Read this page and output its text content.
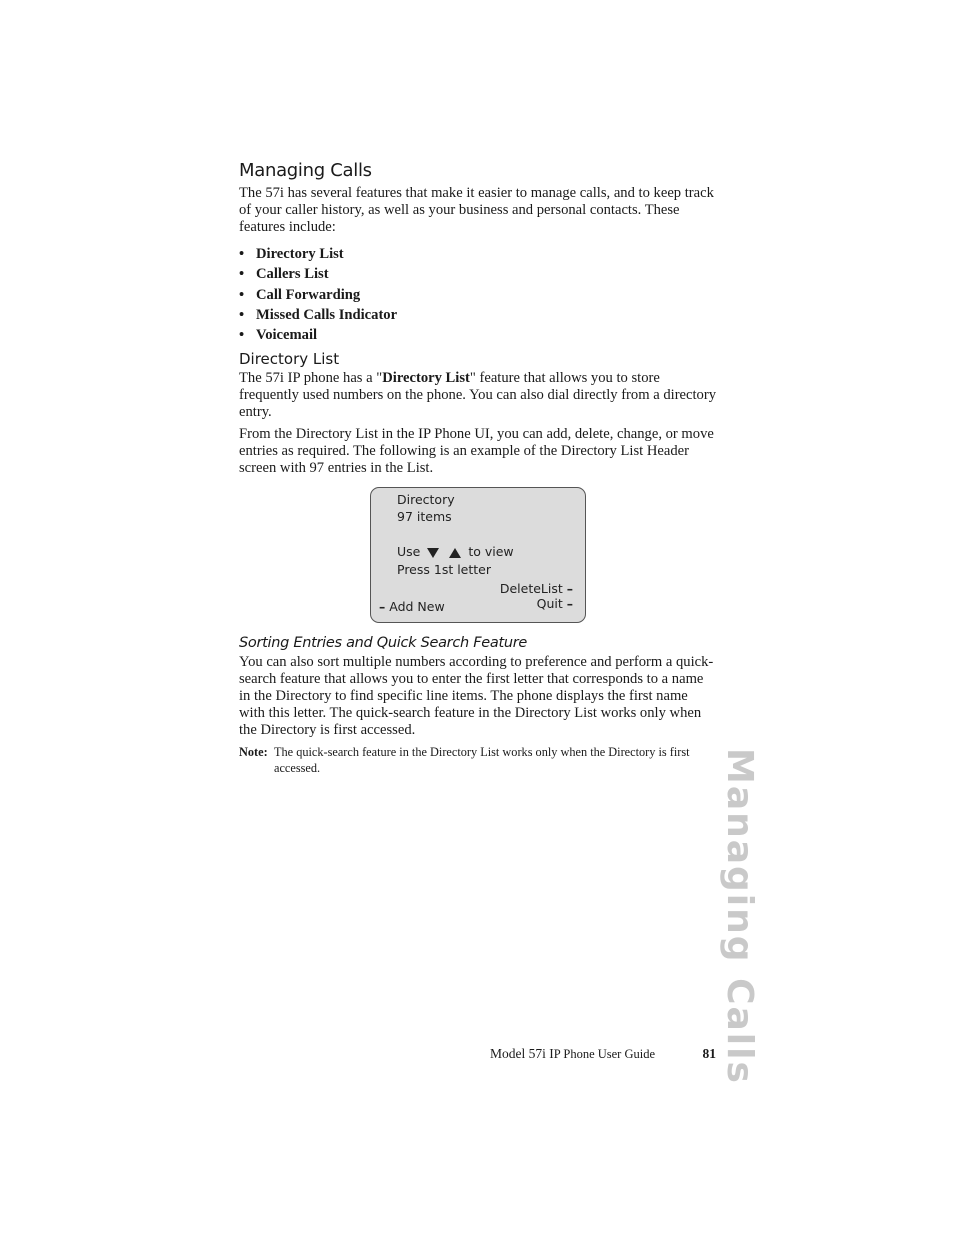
Managing Calls

The 57i has several features that make it easier to manage calls, and to keep track of your caller history, as well as your business and personal contacts. These features include:

• Directory List
• Callers List
• Call Forwarding
• Missed Calls Indicator
• Voicemail
Directory List

The 57i IP phone has a "Directory List" feature that allows you to store frequently used numbers on the phone. You can also dial directly from a directory entry.

From the Directory List in the IP Phone UI, you can add, delete, change, or move entries as required. The following is an example of the Directory List Header screen with 97 entries in the List.

Directory
97 items
Use	to view
Press 1st letter
DeleteList –
Quit –
– Add New
Sorting Entries and Quick Search Feature

You can also sort multiple numbers according to preference and perform a quick-search feature that allows you to enter the first letter that corresponds to a name in the Directory to find specific line items. The phone displays the first name with this letter. The quick-search feature in the Directory List works only when the Directory is first accessed.

Note: The quick-search feature in the Directory List works only when the Directory is first accessed.	Managing Calls
Model 57i IP Phone User Guide	81
